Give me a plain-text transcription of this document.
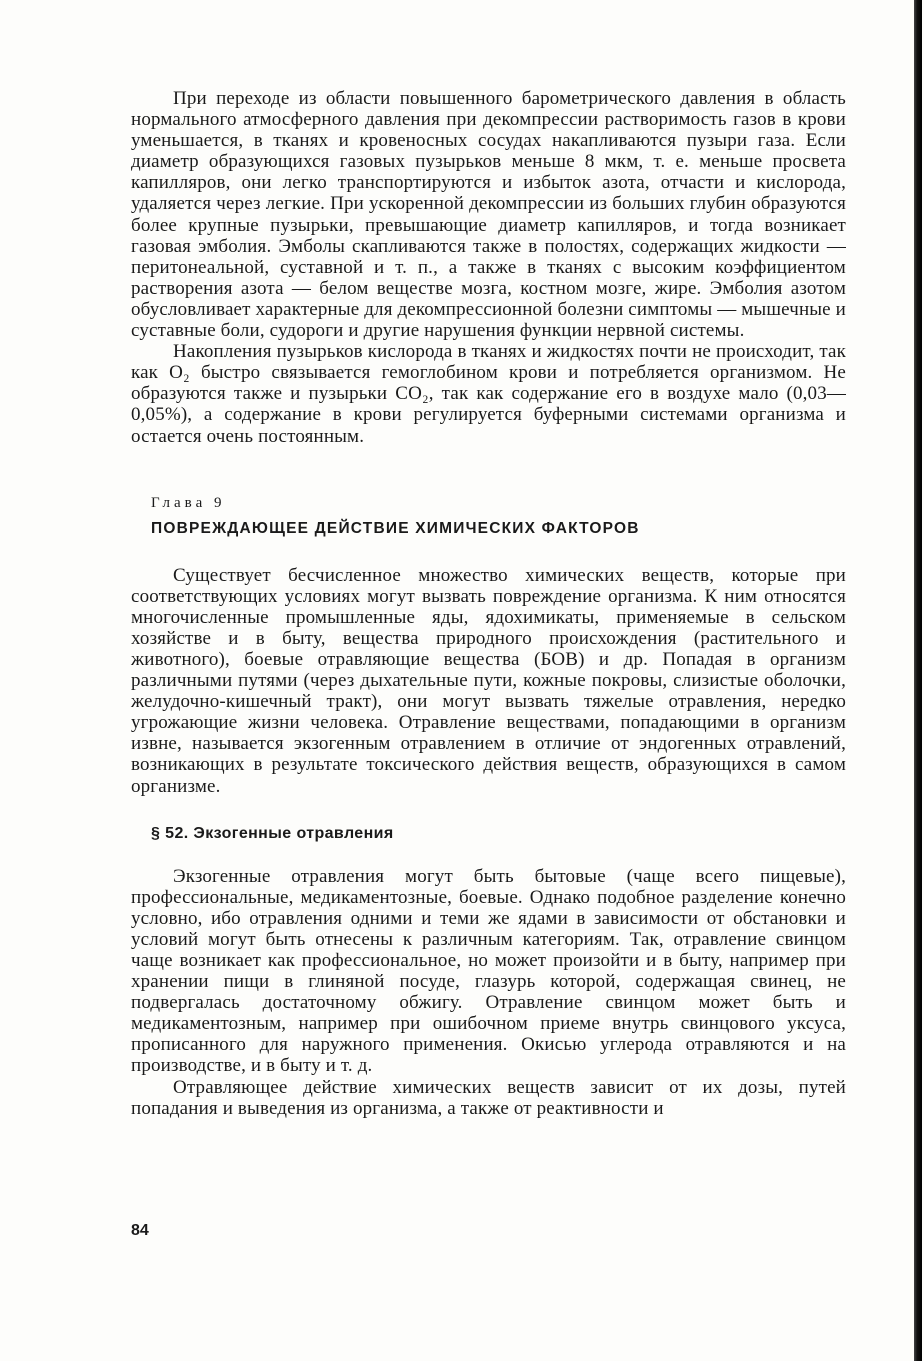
При переходе из области повышенного барометрического давления в область нормального атмосферного давления при декомпрессии растворимость газов в крови уменьшается, в тканях и кровеносных сосудах накапливаются пузыри газа. Если диаметр образующихся газовых пузырьков меньше 8 мкм, т. е. меньше просвета капилляров, они легко транспортируются и избыток азота, отчасти и кислорода, удаляется через легкие. При ускоренной декомпрессии из больших глубин образуются более крупные пузырьки, превышающие диаметр капилляров, и тогда возникает газовая эмболия. Эмболы скапливаются также в полостях, содержащих жидкости — перитонеальной, суставной и т. п., а также в тканях с высоким коэффициентом растворения азота — белом веществе мозга, костном мозге, жире. Эмболия азотом обусловливает характерные для декомпрессионной болезни симптомы — мышечные и суставные боли, судороги и другие нарушения функции нервной системы.

Накопления пузырьков кислорода в тканях и жидкостях почти не происходит, так как O₂ быстро связывается гемоглобином крови и потребляется организмом. Не образуются также и пузырьки CO₂, так как содержание его в воздухе мало (0,03—0,05%), а содержание в крови регулируется буферными системами организма и остается очень постоянным.

Глава 9
ПОВРЕЖДАЮЩЕЕ ДЕЙСТВИЕ ХИМИЧЕСКИХ ФАКТОРОВ

Существует бесчисленное множество химических веществ, которые при соответствующих условиях могут вызвать повреждение организма. К ним относятся многочисленные промышленные яды, ядохимикаты, применяемые в сельском хозяйстве и в быту, вещества природного происхождения (растительного и животного), боевые отравляющие вещества (БОВ) и др. Попадая в организм различными путями (через дыхательные пути, кожные покровы, слизистые оболочки, желудочно-кишечный тракт), они могут вызвать тяжелые отравления, нередко угрожающие жизни человека. Отравление веществами, попадающими в организм извне, называется экзогенным отравлением в отличие от эндогенных отравлений, возникающих в результате токсического действия веществ, образующихся в самом организме.

§ 52. Экзогенные отравления

Экзогенные отравления могут быть бытовые (чаще всего пищевые), профессиональные, медикаментозные, боевые. Однако подобное разделение конечно условно, ибо отравления одними и теми же ядами в зависимости от обстановки и условий могут быть отнесены к различным категориям. Так, отравление свинцом чаще возникает как профессиональное, но может произойти и в быту, например при хранении пищи в глиняной посуде, глазурь которой, содержащая свинец, не подвергалась достаточному обжигу. Отравление свинцом может быть и медикаментозным, например при ошибочном приеме внутрь свинцового уксуса, прописанного для наружного применения. Окисью углерода отравляются и на производстве, и в быту и т. д.

Отравляющее действие химических веществ зависит от их дозы, путей попадания и выведения из организма, а также от реактивности и

84
